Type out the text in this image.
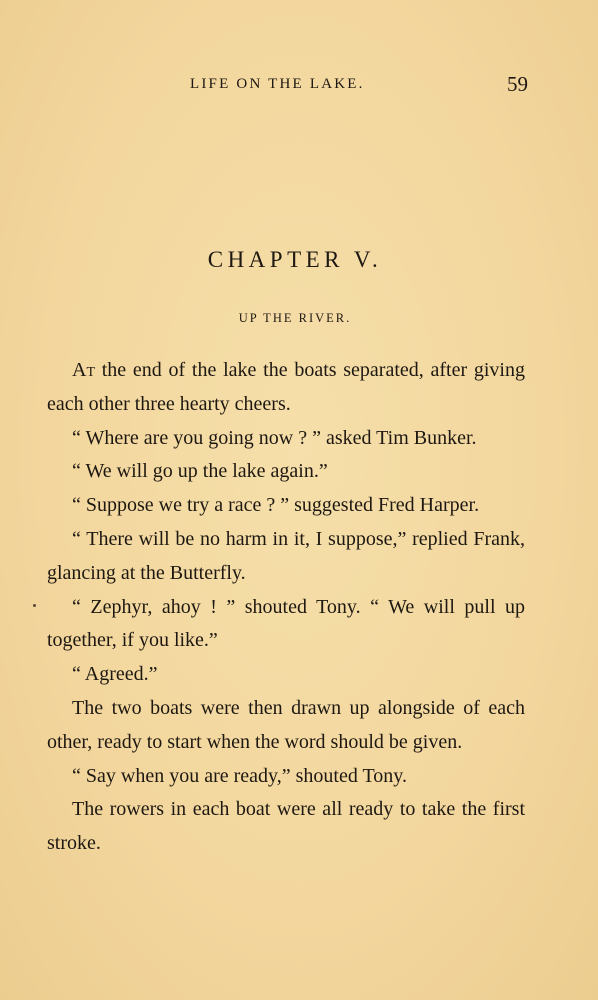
LIFE ON THE LAKE.	59
CHAPTER V.
UP THE RIVER.

At the end of the lake the boats separated, after giving each other three hearty cheers.

“ Where are you going now ? ” asked Tim Bunker.

“ We will go up the lake again.”

“ Suppose we try a race ? ” suggested Fred Harper.

“ There will be no harm in it, I suppose,” replied Frank, glancing at the Butterfly.

“ Zephyr, ahoy ! ” shouted Tony. “ We will pull up together, if you like.”

“ Agreed.”

The two boats were then drawn up alongside of each other, ready to start when the word should be given.

“ Say when you are ready,” shouted Tony.

The rowers in each boat were all ready to take the first stroke.
